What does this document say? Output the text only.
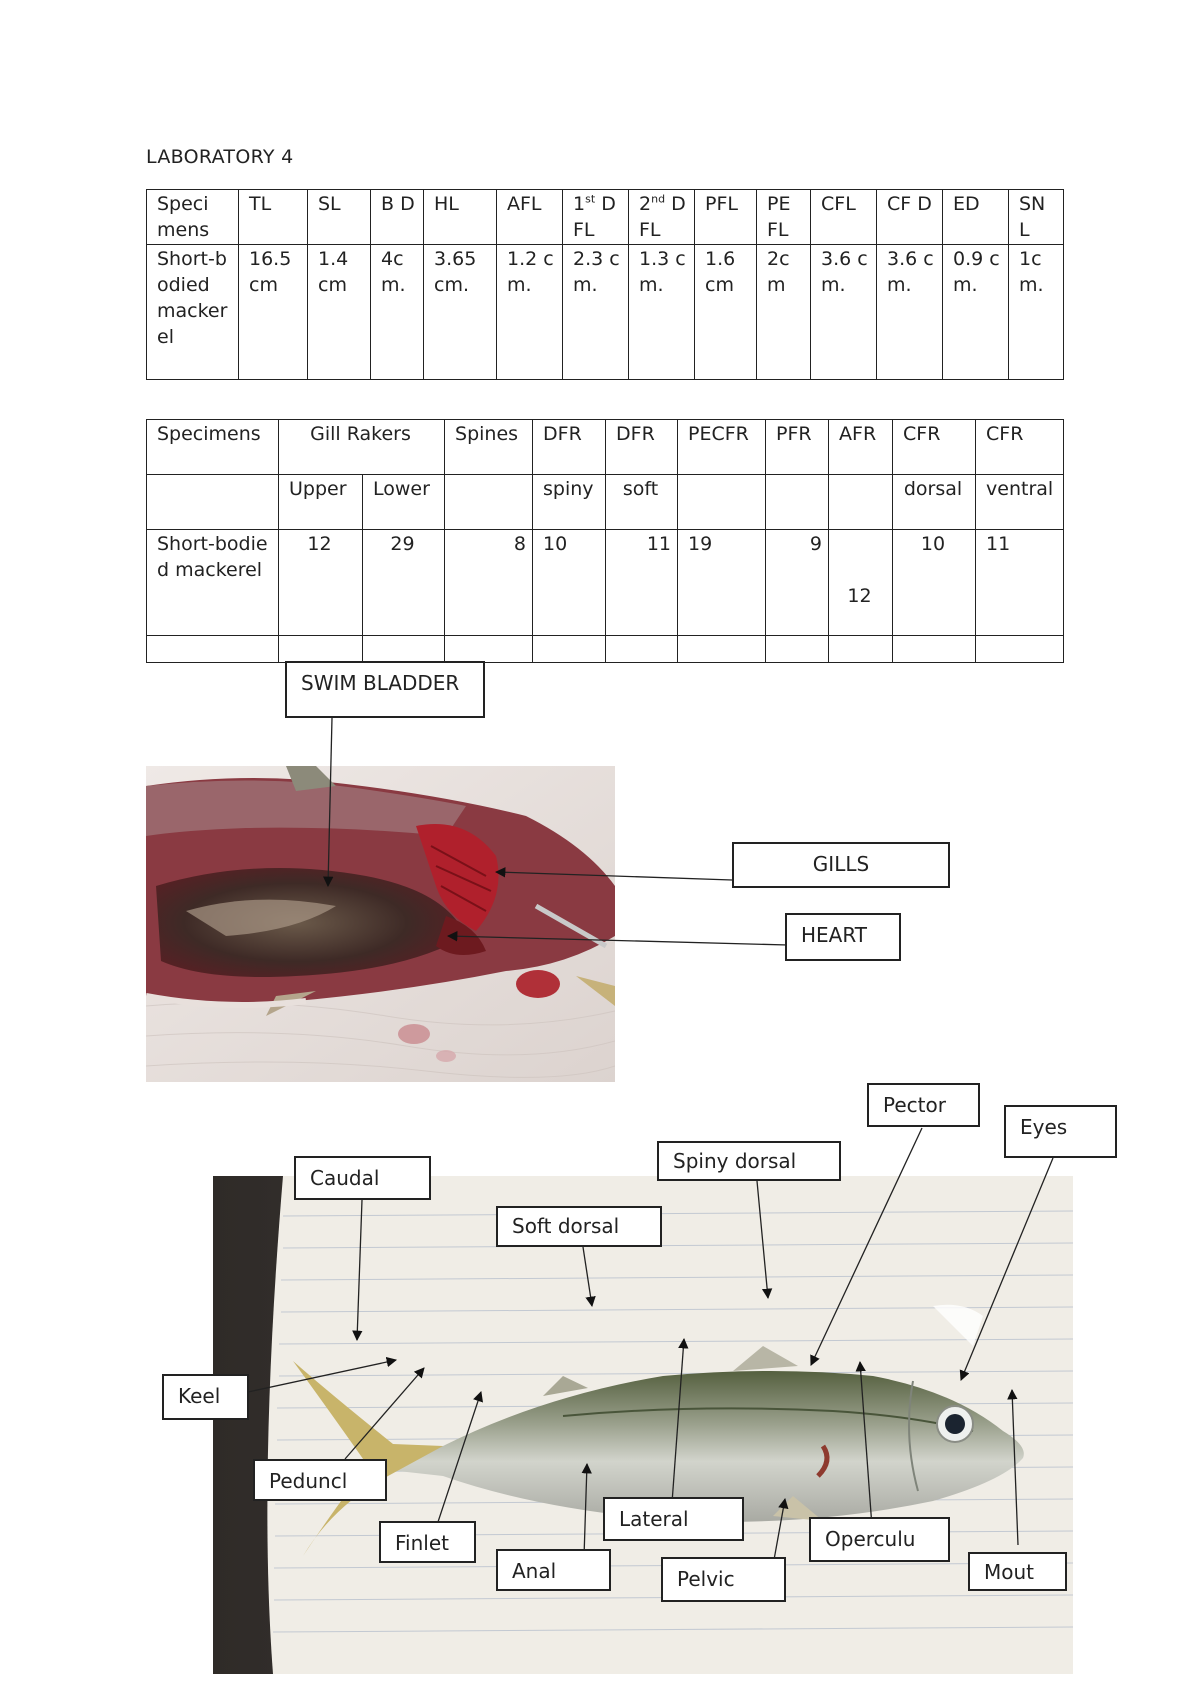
LABORATORY 4
Speci mens	TL	SL	B D	HL	AFL	1st DFL	2nd DFL	PFL	PE FL	CFL	CF D	ED	SN L
Short-bodied mackerel	16.5cm	1.4 cm	4cm.	3.65 cm.	1.2 cm.	2.3 cm.	1.3 cm.	1.6 cm	2cm	3.6 cm.	3.6 cm.	0.9 cm.	1cm.
Specimens	Gill Rakers		Spines	DFR	DFR	PECFR	PFR	AFR	CFR	CFR
	Upper	Lower		spiny	soft				dorsal	ventral
Short-bodied mackerel	12	29	8	10	11	19	9	12	10	11

SWIM BLADDER
GILLS
HEART
Pector
Eyes
Caudal
Spiny dorsal
Soft dorsal
Keel
Peduncl
Finlet
Anal
Lateral
Pelvic
Operculu
Mout
